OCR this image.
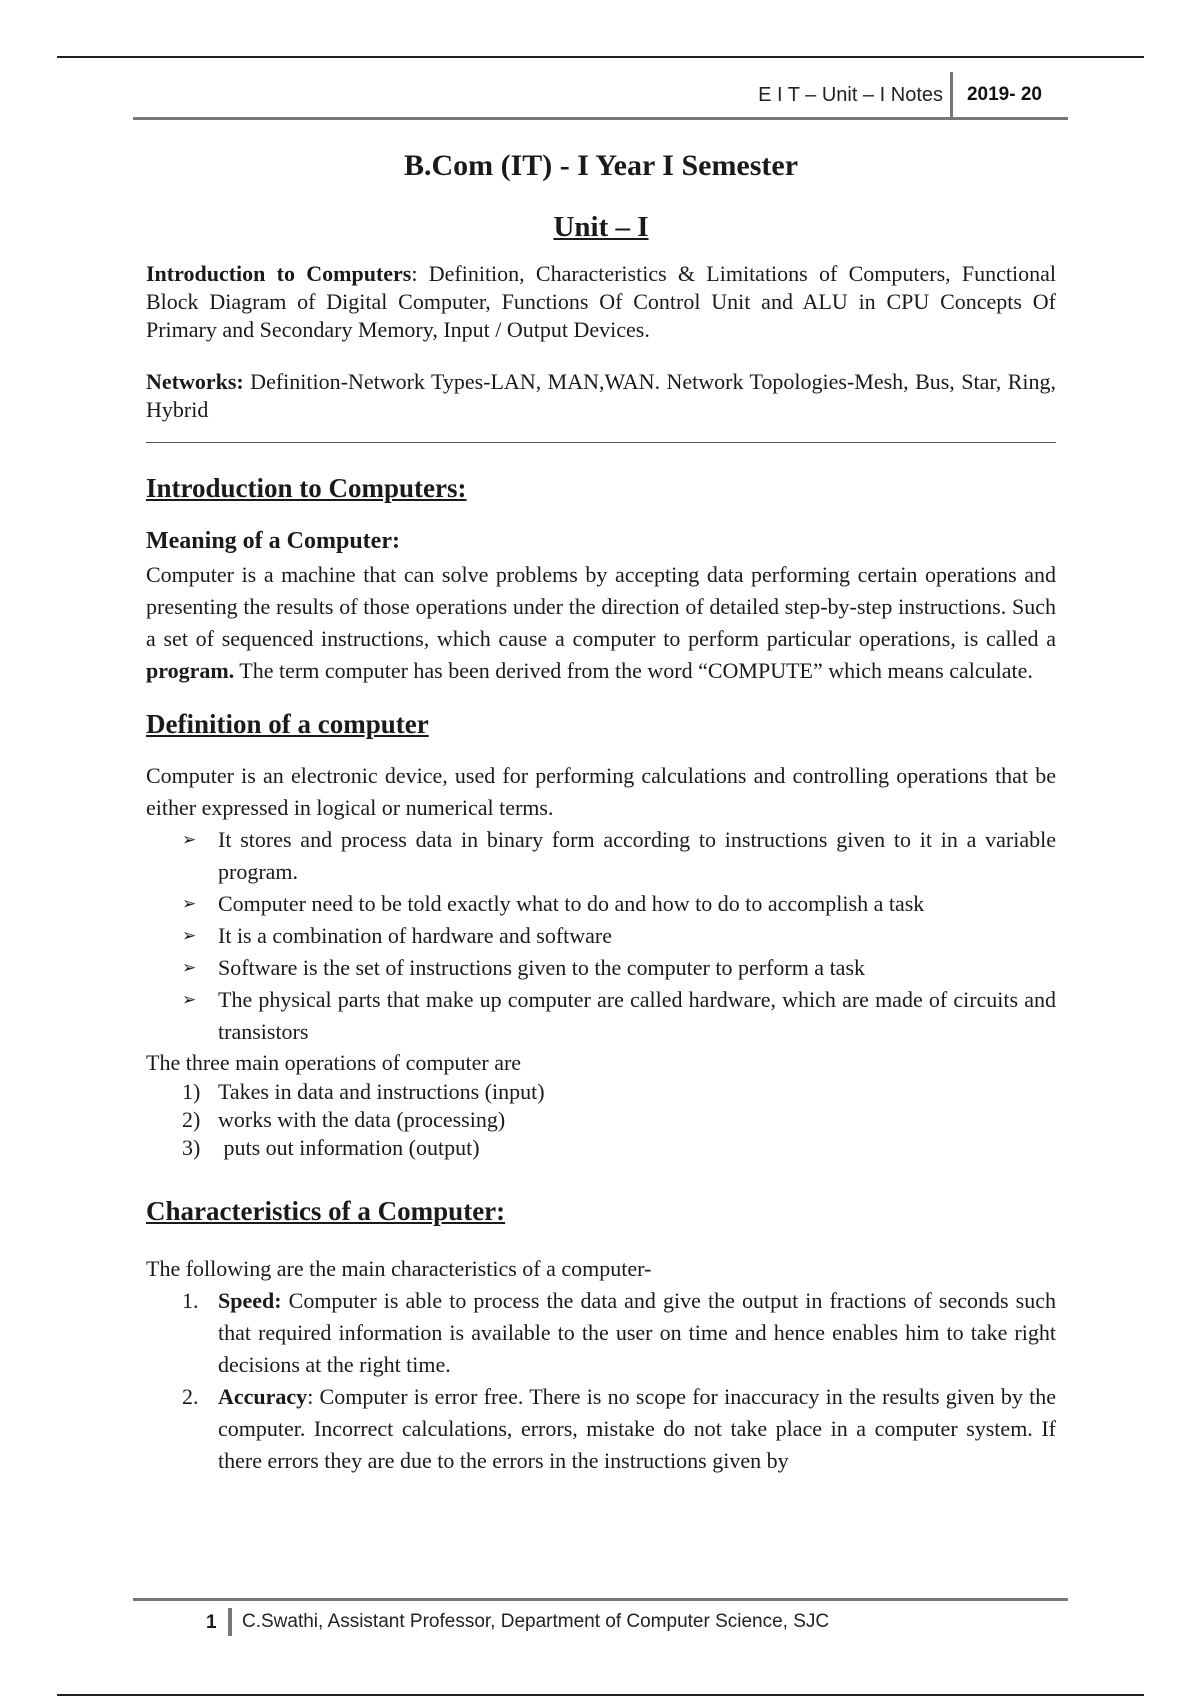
E I T – Unit – I Notes 2019- 20
B.Com (IT) - I Year I Semester
Unit – I
Introduction to Computers: Definition, Characteristics & Limitations of Computers, Functional Block Diagram of Digital Computer, Functions Of Control Unit and ALU in CPU Concepts Of Primary and Secondary Memory, Input / Output Devices.
Networks: Definition-Network Types-LAN, MAN,WAN. Network Topologies-Mesh, Bus, Star, Ring, Hybrid
Introduction to Computers:
Meaning of a Computer:

Computer is a machine that can solve problems by accepting data performing certain operations and presenting the results of those operations under the direction of detailed step-by-step instructions. Such a set of sequenced instructions, which cause a computer to perform particular operations, is called a program. The term computer has been derived from the word “COMPUTE” which means calculate.

Definition of a computer

Computer is an electronic device, used for performing calculations and controlling operations that be either expressed in logical or numerical terms.

➢ It stores and process data in binary form according to instructions given to it in a variable program.
➢ Computer need to be told exactly what to do and how to do to accomplish a task
➢ It is a combination of hardware and software
➢ Software is the set of instructions given to the computer to perform a task
➢ The physical parts that make up computer are called hardware, which are made of circuits and transistors

The three main operations of computer are

1) Takes in data and instructions (input)
2) works with the data (processing)
3) puts out information (output)
Characteristics of a Computer:

The following are the main characteristics of a computer-

1. Speed: Computer is able to process the data and give the output in fractions of seconds such that required information is available to the user on time and hence enables him to take right decisions at the right time.
2. Accuracy: Computer is error free. There is no scope for inaccuracy in the results given by the computer. Incorrect calculations, errors, mistake do not take place in a computer system. If there errors they are due to the errors in the instructions given by
1 C.Swathi, Assistant Professor, Department of Computer Science, SJC
